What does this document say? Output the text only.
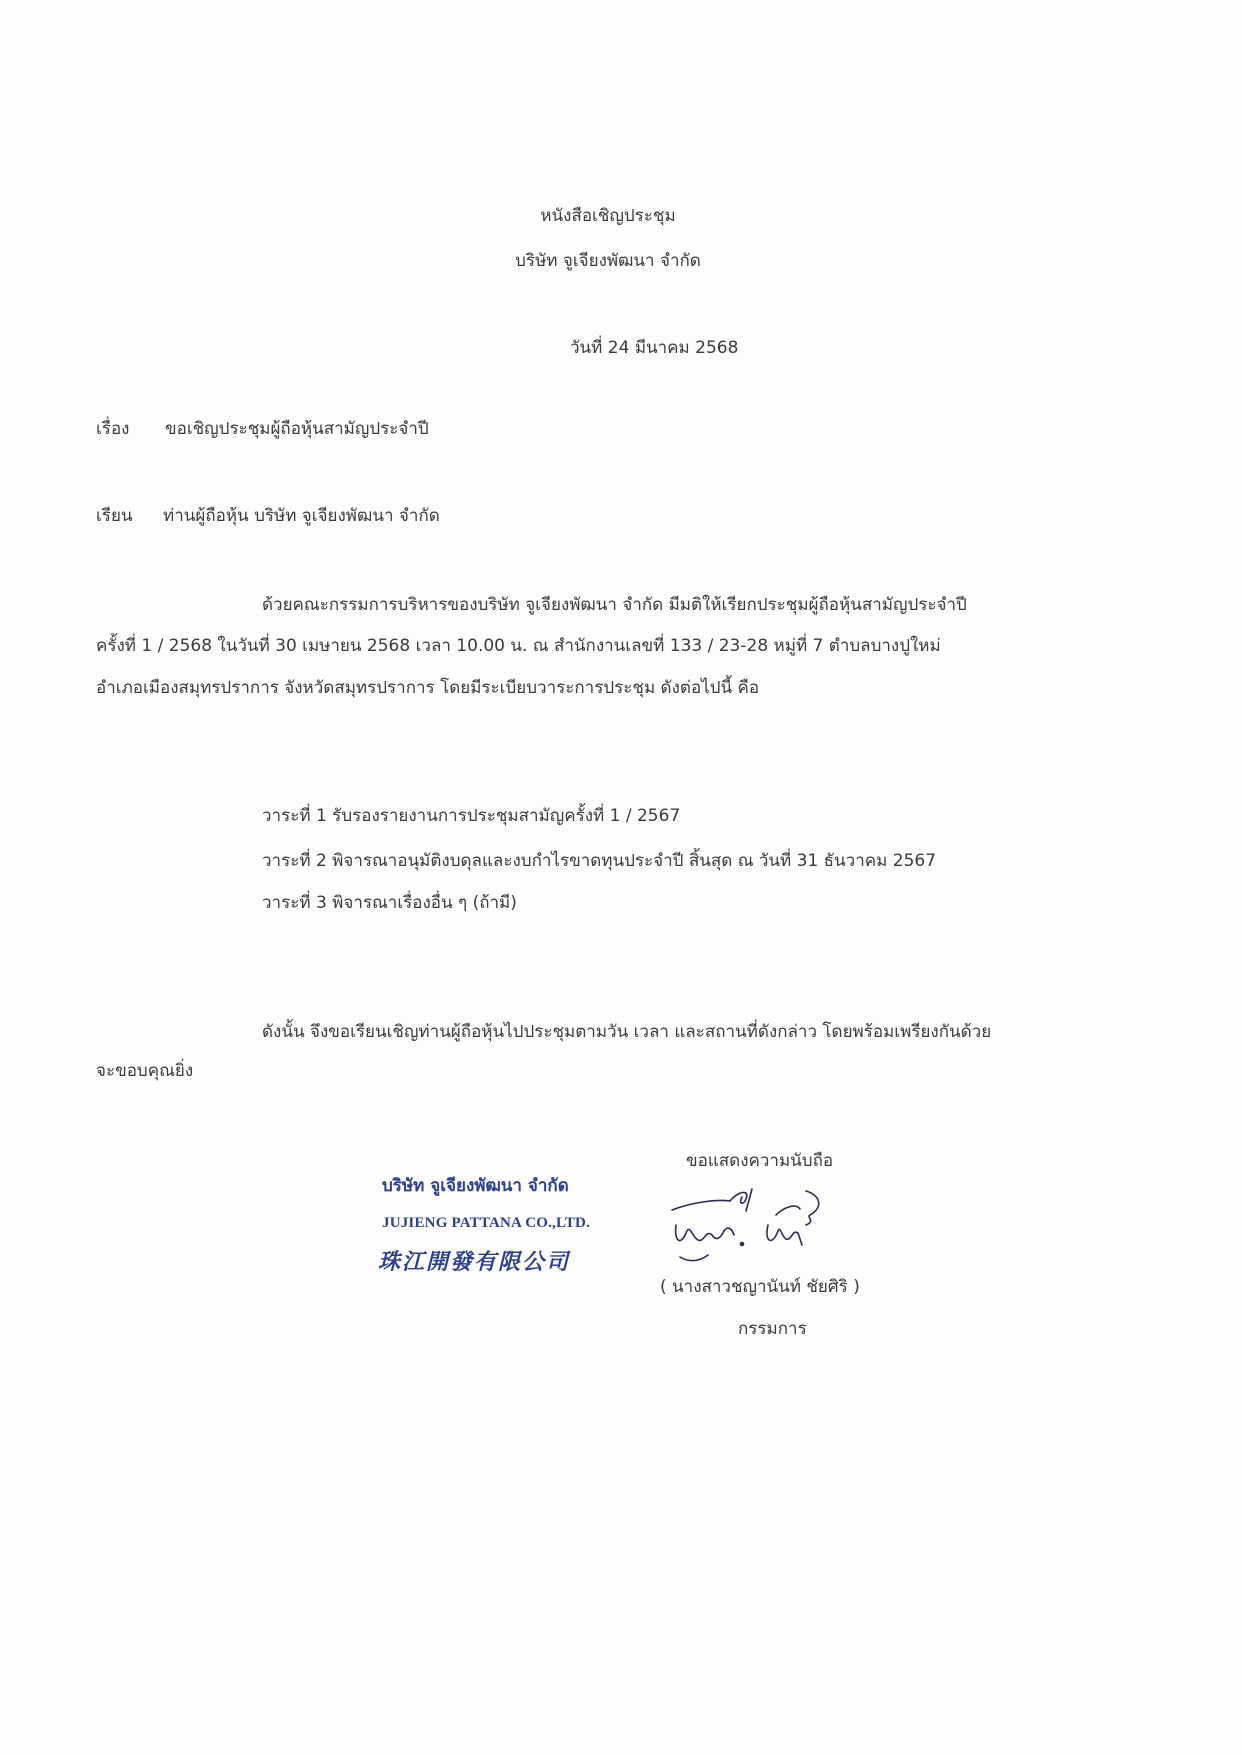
หนังสือเชิญประชุม
บริษัท จูเจียงพัฒนา จำกัด
วันที่ 24 มีนาคม 2568
เรื่อง ขอเชิญประชุมผู้ถือหุ้นสามัญประจำปี
เรียน ท่านผู้ถือหุ้น บริษัท จูเจียงพัฒนา จำกัด
ด้วยคณะกรรมการบริหารของบริษัท จูเจียงพัฒนา จำกัด มีมติให้เรียกประชุมผู้ถือหุ้นสามัญประจำปี
ครั้งที่ 1 / 2568 ในวันที่ 30 เมษายน 2568 เวลา 10.00 น. ณ สำนักงานเลขที่ 133 / 23-28 หมู่ที่ 7 ตำบลบางปูใหม่
อำเภอเมืองสมุทรปราการ จังหวัดสมุทรปราการ โดยมีระเบียบวาระการประชุม ดังต่อไปนี้ คือ
วาระที่ 1 รับรองรายงานการประชุมสามัญครั้งที่ 1 / 2567
วาระที่ 2 พิจารณาอนุมัติงบดุลและงบกำไรขาดทุนประจำปี สิ้นสุด ณ วันที่ 31 ธันวาคม 2567
วาระที่ 3 พิจารณาเรื่องอื่น ๆ (ถ้ามี)
ดังนั้น จึงขอเรียนเชิญท่านผู้ถือหุ้นไปประชุมตามวัน เวลา และสถานที่ดังกล่าว โดยพร้อมเพรียงกันด้วย
จะขอบคุณยิ่ง
ขอแสดงความนับถือ
บริษัท จูเจียงพัฒนา จำกัด
JUJIENG PATTANA CO.,LTD.
珠江開發有限公司
( นางสาวชญานันท์ ชัยศิริ )
กรรมการ
